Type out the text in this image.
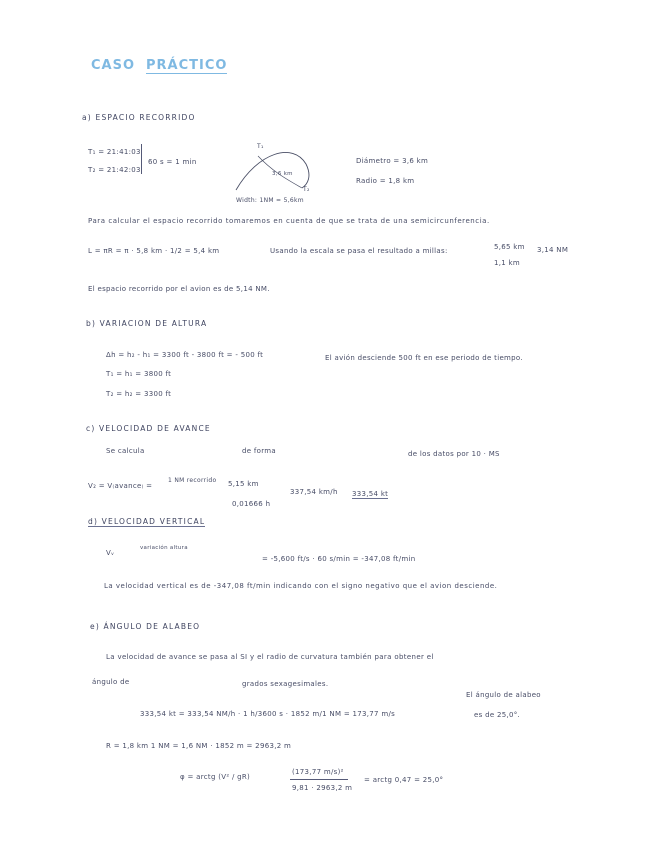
CASO PRÁCTICO
a) ESPACIO RECORRIDO
T₁ = 21:41:03
T₂ = 21:42:03
60 s = 1 min
T₁
T₂
3,6 km
Width: 1NM = 5,6km
Diámetro = 3,6 km
Radio = 1,8 km
Para calcular el espacio recorrido tomaremos en cuenta de que se trata de una semicircunferencia.
L = πR = π · 5,8 km · 1/2 = 5,4 km	Usando la escala se pasa el resultado a millas:	5,65 km 3,14 NM
1,1 km
El espacio recorrido por el avion es de 5,14 NM.
b) VARIACION DE ALTURA
Δh = h₂ - h₁ = 3300 ft - 3800 ft = - 500 ft	El avión desciende 500 ft en ese periodo de tiempo.
T₁ = h₁ = 3800 ft
T₂ = h₂ = 3300 ft
c) VELOCIDAD DE AVANCE
Se calcula	de forma	de los datos por 10 · MS
V₂ = V₍avance₎ =
1 NM recorrido 5,15 km
0,01666 h
337,54 km/h 333,54 kt
d) VELOCIDAD VERTICAL
Vᵥ
variación altura
= -5,600 ft/s · 60 s/min = -347,08 ft/min
La velocidad vertical es de -347,08 ft/min indicando con el signo negativo que el avion desciende.
e) ÁNGULO DE ALABEO
La velocidad de avance se pasa al SI y el radio de curvatura también para obtener el
ángulo de	grados sexagesimales.
333,54 kt = 333,54 NM/h · 1 h/3600 s · 1852 m/1 NM = 173,77 m/s
El ángulo de alabeo
es de 25,0°.
R = 1,8 km 1 NM = 1,6 NM · 1852 m = 2963,2 m
φ = arctg (V² / gR)
(173,77 m/s)²
9,81 · 2963,2 m
= arctg 0,47 = 25,0°
